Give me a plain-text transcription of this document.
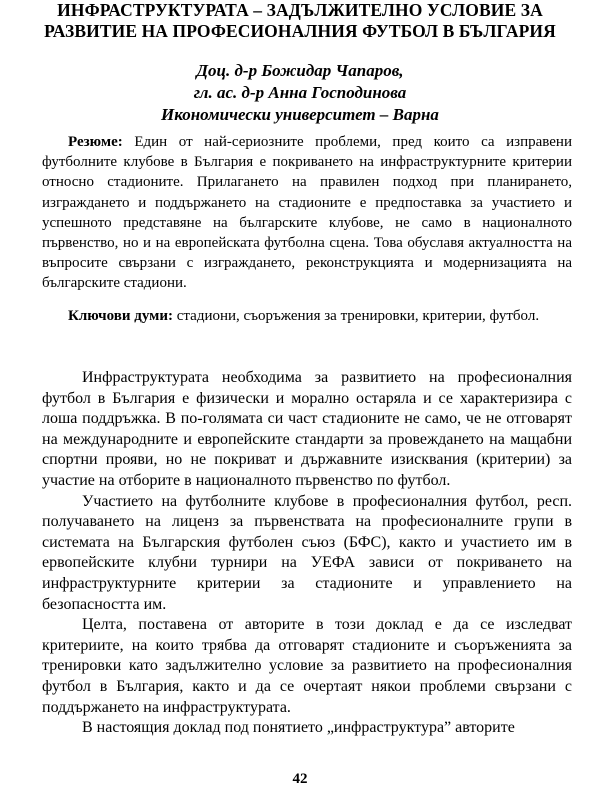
ИНФРАСТРУКТУРАТА – ЗАДЪЛЖИТЕЛНО УСЛОВИЕ ЗА
РАЗВИТИЕ НА ПРОФЕСИОНАЛНИЯ ФУТБОЛ В БЪЛГАРИЯ
Доц. д-р Божидар Чапаров,
гл. ас. д-р Анна Господинова
Икономически университет – Варна

Резюме: Един от най-сериозните проблеми, пред които са изправени футболните клубове в България е покриването на инфраструктурните критерии относно стадионите. Прилагането на правилен подход при планирането, изграждането и поддържането на стадионите е предпоставка за участието и успешното представяне на българските клубове, не само в националното първенство, но и на европейската футболна сцена. Това обуславя актуалността на въпросите свързани с изграждането, реконструкцията и модернизацията на българските стадиони.

Ключови думи: стадиони, съоръжения за тренировки, критерии, футбол.

Инфраструктурата необходима за развитието на професионалния футбол в България е физически и морално остаряла и се характеризира с лоша поддръжка. В по-голямата си част стадионите не само, че не отговарят на международните и европейските стандарти за провеждането на мащабни спортни прояви, но не покриват и държавните изисквания (критерии) за участие на отборите в националното първенство по футбол.

Участието на футболните клубове в професионалния футбол, респ. получаването на лиценз за първенствата на професионалните групи в системата на Българския футболен съюз (БФС), както и участието им в ервопейските клубни турнири на УЕФА зависи от покриването на инфраструктурните критерии за стадионите и управлението на безопасността им.

Целта, поставена от авторите в този доклад е да се изследват критериите, на които трябва да отговарят стадионите и съоръженията за тренировки като задължително условие за развитието на професионалния футбол в България, както и да се очертаят някои проблеми свързани с поддържането на инфраструктурата.

В настоящия доклад под понятието „инфраструктура” авторите

42
